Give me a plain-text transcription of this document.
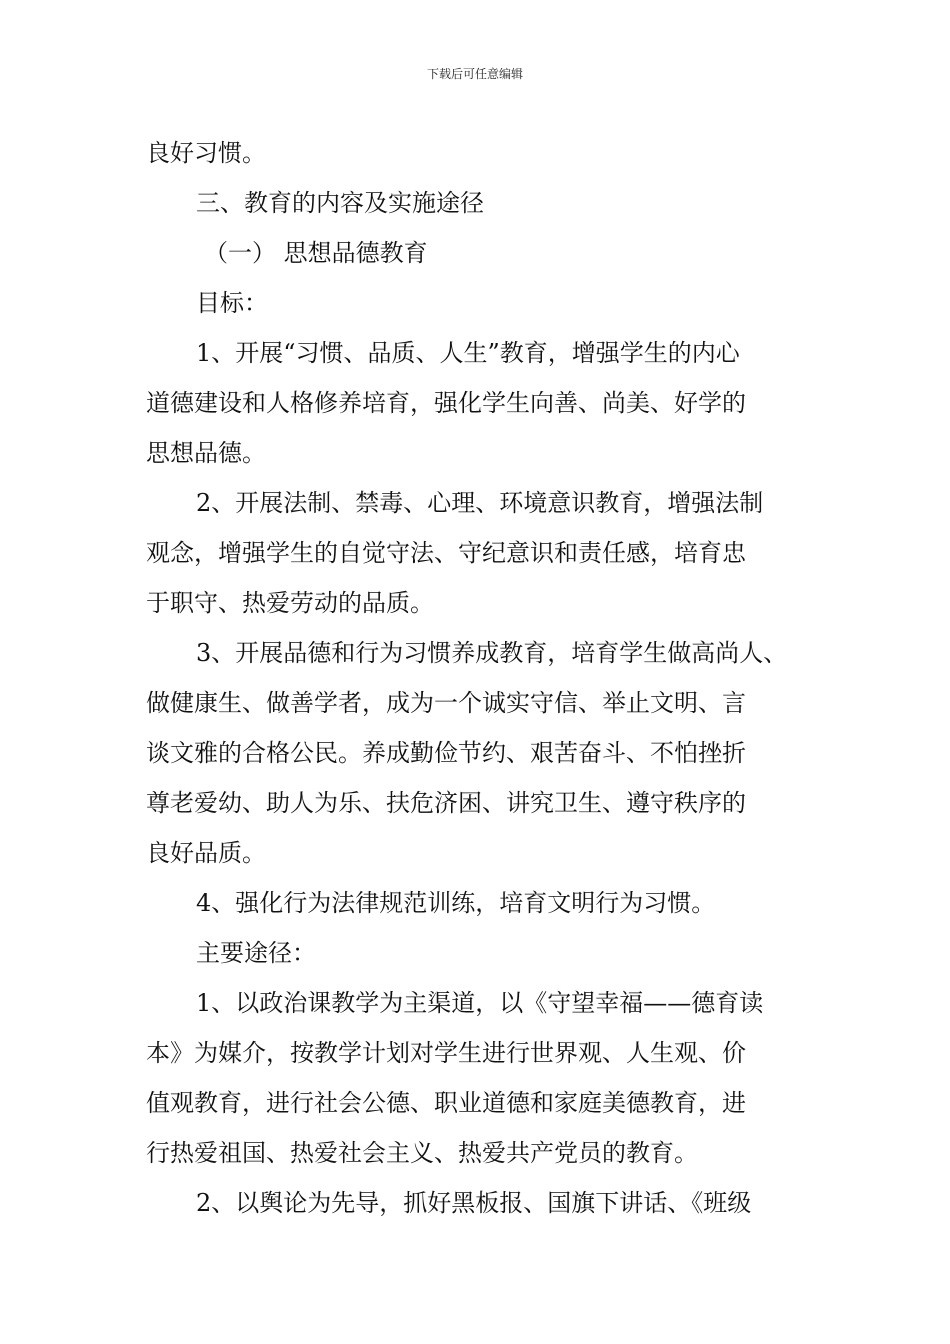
下载后可任意编辑
良好习惯。
三、教育的内容及实施途径
（一） 思想品德教育
目标：
1、开展“习惯、品质、人生”教育，增强学生的内心
道德建设和人格修养培育，强化学生向善、尚美、好学的
思想品德。
2、开展法制、禁毒、心理、环境意识教育，增强法制
观念，增强学生的自觉守法、守纪意识和责任感，培育忠
于职守、热爱劳动的品质。
3、开展品德和行为习惯养成教育，培育学生做高尚人、
做健康生、做善学者，成为一个诚实守信、举止文明、言
谈文雅的合格公民。养成勤俭节约、艰苦奋斗、不怕挫折
尊老爱幼、助人为乐、扶危济困、讲究卫生、遵守秩序的
良好品质。
4、强化行为法律规范训练，培育文明行为习惯。
主要途径：
1、以政治课教学为主渠道，以《守望幸福——德育读
本》为媒介，按教学计划对学生进行世界观、人生观、价
值观教育，进行社会公德、职业道德和家庭美德教育，进
行热爱祖国、热爱社会主义、热爱共产党员的教育。
2、以舆论为先导，抓好黑板报、国旗下讲话、《班级
